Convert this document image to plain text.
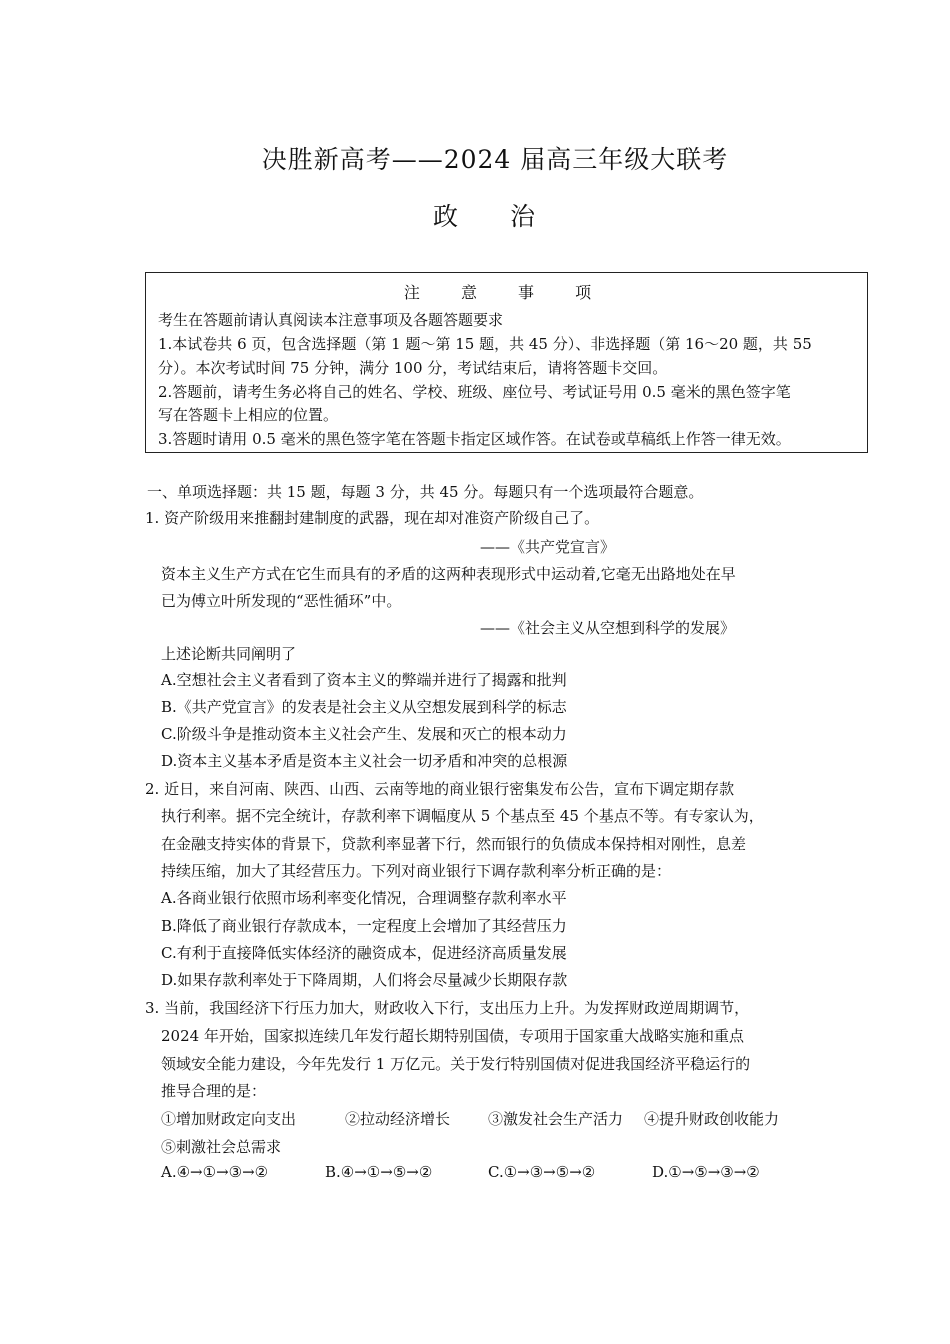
决胜新高考——2024 届高三年级大联考
政 治
注 意 事 项
考生在答题前请认真阅读本注意事项及各题答题要求
1.本试卷共 6 页，包含选择题（第 1 题～第 15 题，共 45 分）、非选择题（第 16～20 题，共 55
分）。本次考试时间 75 分钟，满分 100 分，考试结束后，请将答题卡交回。
2.答题前，请考生务必将自己的姓名、学校、班级、座位号、考试证号用 0.5 毫米的黑色签字笔
写在答题卡上相应的位置。
3.答题时请用 0.5 毫米的黑色签字笔在答题卡指定区域作答。在试卷或草稿纸上作答一律无效。
一、单项选择题：共 15 题，每题 3 分，共 45 分。每题只有一个选项最符合题意。
1. 资产阶级用来推翻封建制度的武器，现在却对准资产阶级自己了。
——《共产党宣言》
资本主义生产方式在它生而具有的矛盾的这两种表现形式中运动着,它毫无出路地处在早
已为傅立叶所发现的“恶性循环”中。
——《社会主义从空想到科学的发展》
上述论断共同阐明了
A.空想社会主义者看到了资本主义的弊端并进行了揭露和批判
B.《共产党宣言》的发表是社会主义从空想发展到科学的标志
C.阶级斗争是推动资本主义社会产生、发展和灭亡的根本动力
D.资本主义基本矛盾是资本主义社会一切矛盾和冲突的总根源
2. 近日，来自河南、陕西、山西、云南等地的商业银行密集发布公告，宣布下调定期存款
执行利率。据不完全统计，存款利率下调幅度从 5 个基点至 45 个基点不等。有专家认为，
在金融支持实体的背景下，贷款利率显著下行，然而银行的负债成本保持相对刚性，息差
持续压缩，加大了其经营压力。下列对商业银行下调存款利率分析正确的是：
A.各商业银行依照市场利率变化情况，合理调整存款利率水平
B.降低了商业银行存款成本，一定程度上会增加了其经营压力
C.有利于直接降低实体经济的融资成本，促进经济高质量发展
D.如果存款利率处于下降周期，人们将会尽量减少长期限存款
3. 当前，我国经济下行压力加大，财政收入下行，支出压力上升。为发挥财政逆周期调节，
2024 年开始，国家拟连续几年发行超长期特别国债，专项用于国家重大战略实施和重点
领域安全能力建设，今年先发行 1 万亿元。关于发行特别国债对促进我国经济平稳运行的
推导合理的是：
①增加财政定向支出	②拉动经济增长	③激发社会生产活力 ④提升财政创收能力
⑤刺激社会总需求
A.④→①→③→②	B.④→①→⑤→②	C.①→③→⑤→②	D.①→⑤→③→②
